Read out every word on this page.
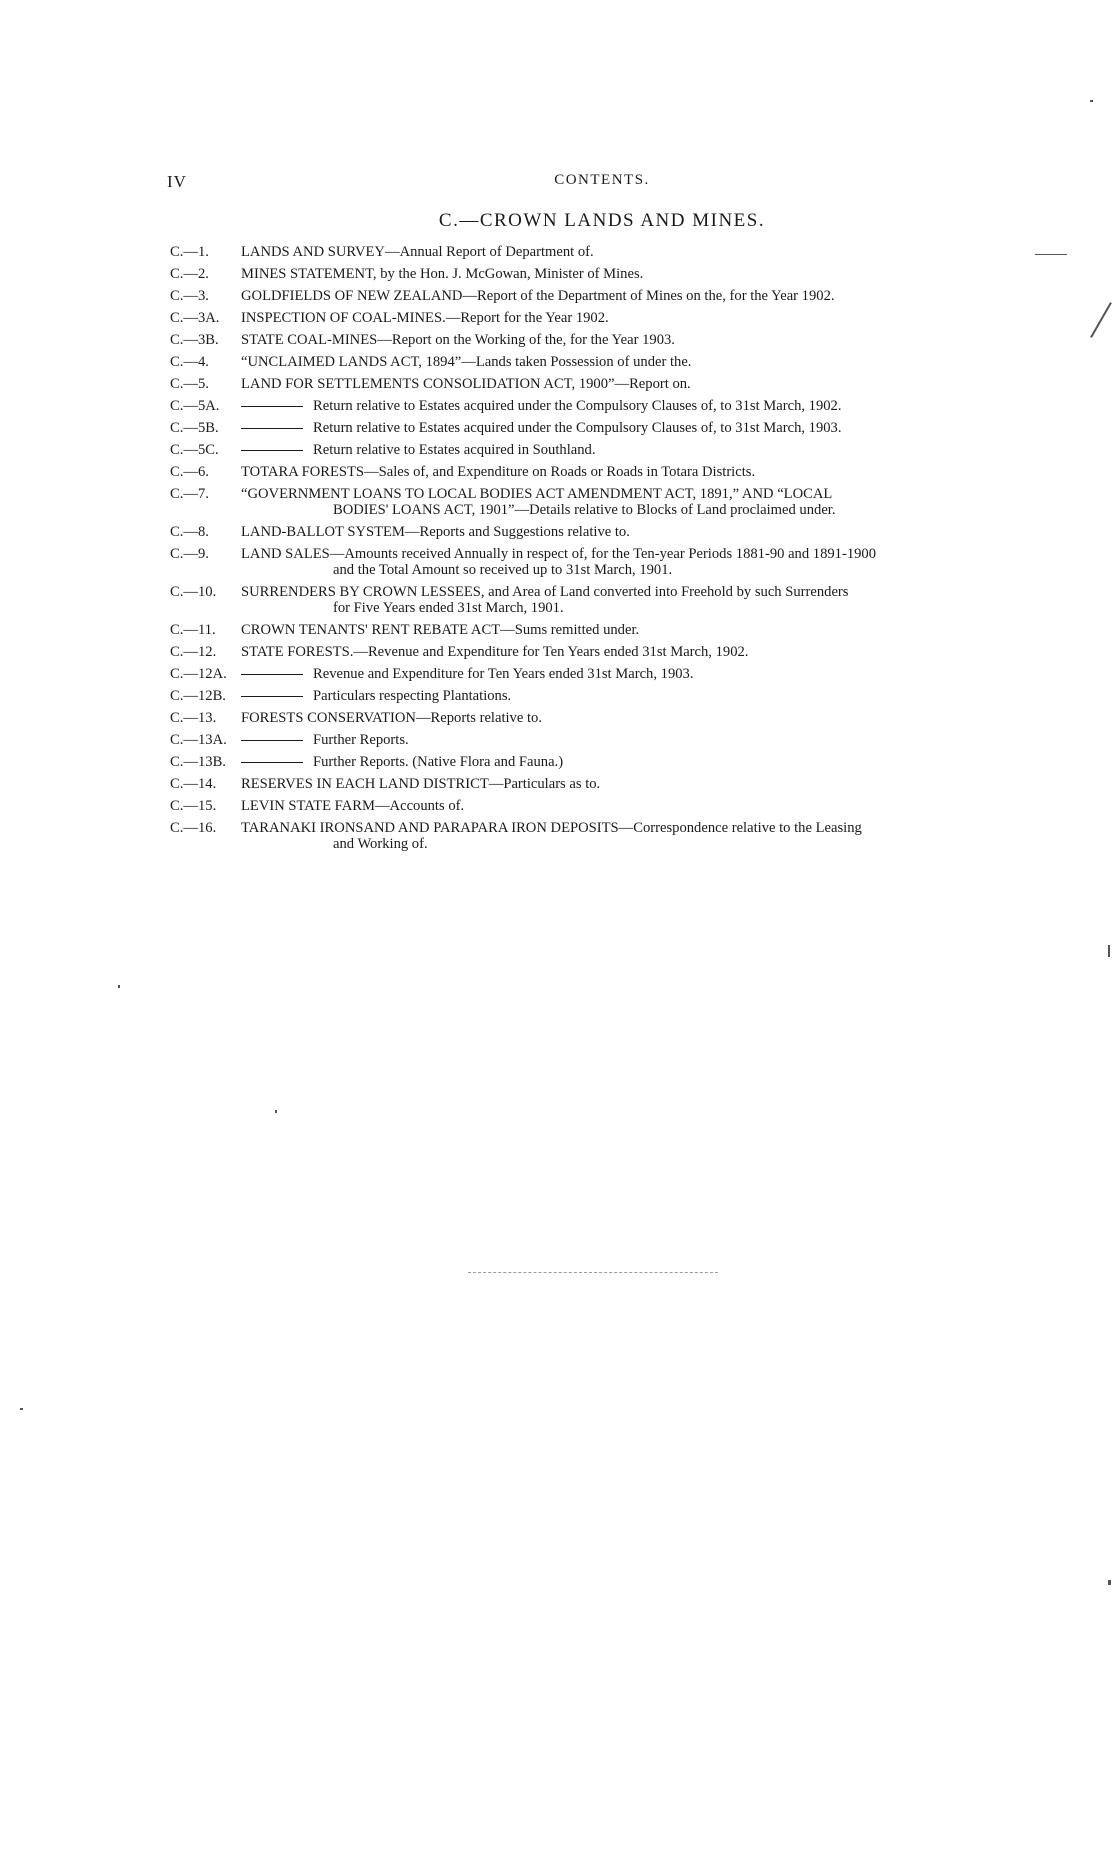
IV	CONTENTS.
C.—CROWN LANDS AND MINES.
C.—1.	LANDS AND SURVEY—Annual Report of Department of.
C.—2.	MINES STATEMENT, by the Hon. J. McGowan, Minister of Mines.
C.—3.	GOLDFIELDS OF NEW ZEALAND—Report of the Department of Mines on the, for the Year 1902.
C.—3A.	INSPECTION OF COAL-MINES.—Report for the Year 1902.
C.—3B.	STATE COAL-MINES—Report on the Working of the, for the Year 1903.
C.—4.	“UNCLAIMED LANDS ACT, 1894”—Lands taken Possession of under the.
C.—5.	LAND FOR SETTLEMENTS CONSOLIDATION ACT, 1900”—Report on.
C.—5A.	Return relative to Estates acquired under the Compulsory Clauses of, to 31st March, 1902.
C.—5B.	Return relative to Estates acquired under the Compulsory Clauses of, to 31st March, 1903.
C.—5C.	Return relative to Estates acquired in Southland.
C.—6.	TOTARA FORESTS—Sales of, and Expenditure on Roads or Roads in Totara Districts.
C.—7.	“GOVERNMENT LOANS TO LOCAL BODIES ACT AMENDMENT ACT, 1891,” AND “LOCAL
BODIES' LOANS ACT, 1901”—Details relative to Blocks of Land proclaimed under.
C.—8.	LAND-BALLOT SYSTEM—Reports and Suggestions relative to.
C.—9.	LAND SALES—Amounts received Annually in respect of, for the Ten-year Periods 1881-90 and 1891-1900
and the Total Amount so received up to 31st March, 1901.
C.—10.	SURRENDERS BY CROWN LESSEES, and Area of Land converted into Freehold by such Surrenders
for Five Years ended 31st March, 1901.
C.—11.	CROWN TENANTS' RENT REBATE ACT—Sums remitted under.
C.—12.	STATE FORESTS.—Revenue and Expenditure for Ten Years ended 31st March, 1902.
C.—12A.	Revenue and Expenditure for Ten Years ended 31st March, 1903.
C.—12B.	Particulars respecting Plantations.
C.—13.	FORESTS CONSERVATION—Reports relative to.
C.—13A.	Further Reports.
C.—13B.	Further Reports. (Native Flora and Fauna.)
C.—14.	RESERVES IN EACH LAND DISTRICT—Particulars as to.
C.—15.	LEVIN STATE FARM—Accounts of.
C.—16.	TARANAKI IRONSAND AND PARAPARA IRON DEPOSITS—Correspondence relative to the Leasing
and Working of.
